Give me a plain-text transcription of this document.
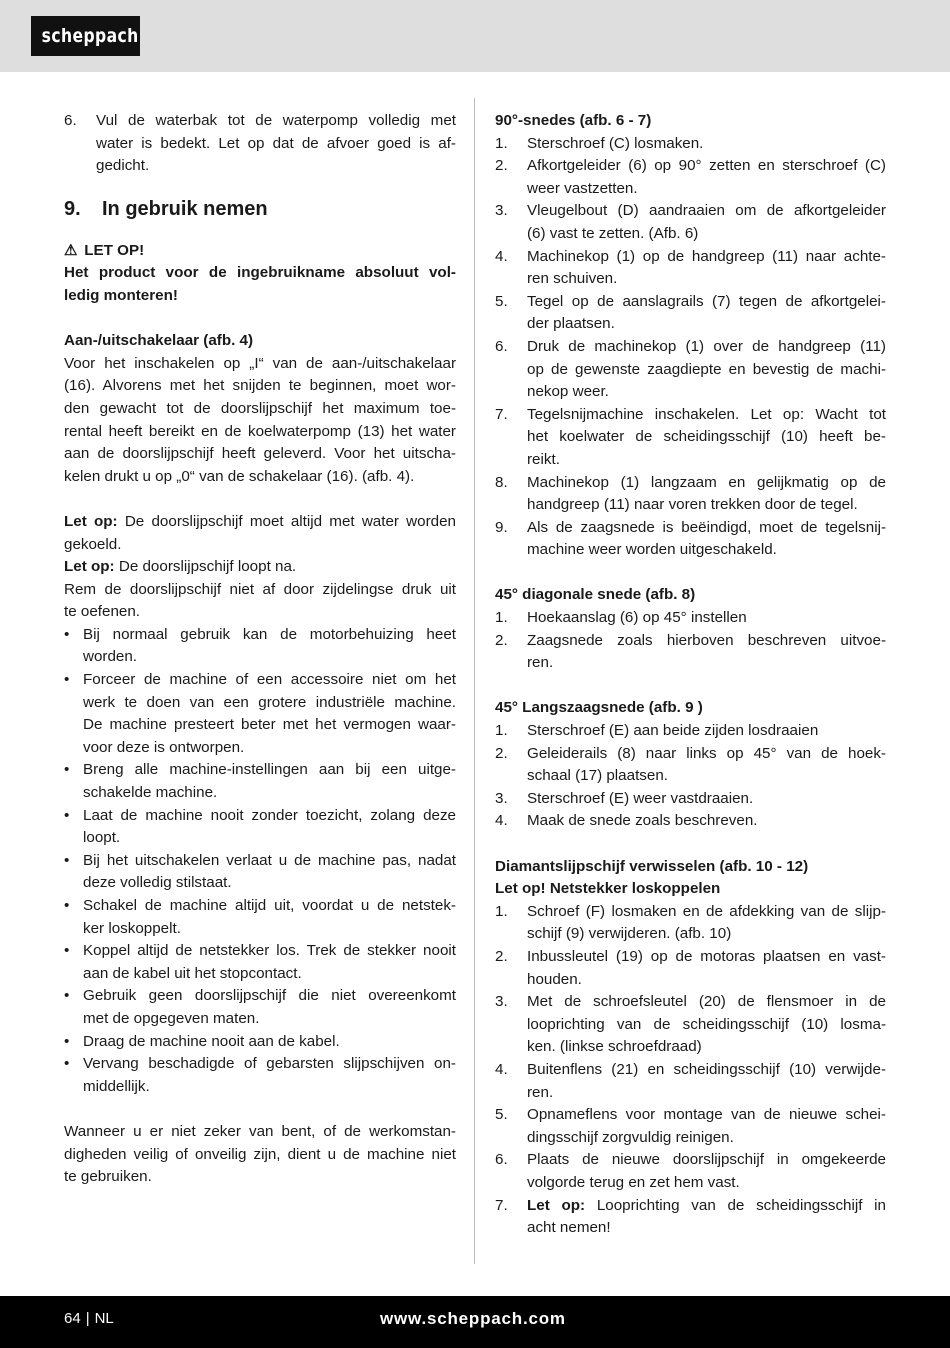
scheppach
6. Vul de waterbak tot de waterpomp volledig met
water is bedekt. Let op dat de afvoer goed is af-
gedicht.
9. In gebruik nemen
⚠ LET OP!
Het product voor de ingebruikname absoluut vol-
ledig monteren!
Aan-/uitschakelaar (afb. 4)
Voor het inschakelen op „I“ van de aan-/uitschakelaar
(16). Alvorens met het snijden te beginnen, moet wor-
den gewacht tot de doorslijpschijf het maximum toe-
rental heeft bereikt en de koelwaterpomp (13) het water
aan de doorslijpschijf heeft geleverd. Voor het uitscha-
kelen drukt u op „0“ van de schakelaar (16). (afb. 4).
Let op: De doorslijpschijf moet altijd met water worden
gekoeld.
Let op: De doorslijpschijf loopt na.
Rem de doorslijpschijf niet af door zijdelingse druk uit
te oefenen.
• Bij normaal gebruik kan de motorbehuizing heet
worden.
• Forceer de machine of een accessoire niet om het
werk te doen van een grotere industriële machine.
De machine presteert beter met het vermogen waar-
voor deze is ontworpen.
• Breng alle machine-instellingen aan bij een uitge-
schakelde machine.
• Laat de machine nooit zonder toezicht, zolang deze
loopt.
• Bij het uitschakelen verlaat u de machine pas, nadat
deze volledig stilstaat.
• Schakel de machine altijd uit, voordat u de netstek-
ker loskoppelt.
• Koppel altijd de netstekker los. Trek de stekker nooit
aan de kabel uit het stopcontact.
• Gebruik geen doorslijpschijf die niet overeenkomt
met de opgegeven maten.
• Draag de machine nooit aan de kabel.
• Vervang beschadigde of gebarsten slijpschijven on-
middellijk.
Wanneer u er niet zeker van bent, of de werkomstan-
digheden veilig of onveilig zijn, dient u de machine niet
te gebruiken.
90°-snedes (afb. 6 - 7)
1. Sterschroef (C) losmaken.
2. Afkortgeleider (6) op 90° zetten en sterschroef (C)
weer vastzetten.
3. Vleugelbout (D) aandraaien om de afkortgeleider
(6) vast te zetten. (Afb. 6)
4. Machinekop (1) op de handgreep (11) naar achte-
ren schuiven.
5. Tegel op de aanslagrails (7) tegen de afkortgelei-
der plaatsen.
6. Druk de machinekop (1) over de handgreep (11)
op de gewenste zaagdiepte en bevestig de machi-
nekop weer.
7. Tegelsnijmachine inschakelen. Let op: Wacht tot
het koelwater de scheidingsschijf (10) heeft be-
reikt.
8. Machinekop (1) langzaam en gelijkmatig op de
handgreep (11) naar voren trekken door de tegel.
9. Als de zaagsnede is beëindigd, moet de tegelsnij-
machine weer worden uitgeschakeld.
45° diagonale snede (afb. 8)
1. Hoekaanslag (6) op 45° instellen
2. Zaagsnede zoals hierboven beschreven uitvoe-
ren.
45° Langszaagsnede (afb. 9 )
1. Sterschroef (E) aan beide zijden losdraaien
2. Geleiderails (8) naar links op 45° van de hoek-
schaal (17) plaatsen.
3. Sterschroef (E) weer vastdraaien.
4. Maak de snede zoals beschreven.
Diamantslijpschijf verwisselen (afb. 10 - 12)
Let op! Netstekker loskoppelen
1. Schroef (F) losmaken en de afdekking van de slijp-
schijf (9) verwijderen. (afb. 10)
2. Inbussleutel (19) op de motoras plaatsen en vast-
houden.
3. Met de schroefsleutel (20) de flensmoer in de
looprichting van de scheidingsschijf (10) losma-
ken. (linkse schroefdraad)
4. Buitenflens (21) en scheidingsschijf (10) verwijde-
ren.
5. Opnameflens voor montage van de nieuwe schei-
dingsschijf zorgvuldig reinigen.
6. Plaats de nieuwe doorslijpschijf in omgekeerde
volgorde terug en zet hem vast.
7. Let op: Looprichting van de scheidingsschijf in
acht nemen!
64 | NL	www.scheppach.com
